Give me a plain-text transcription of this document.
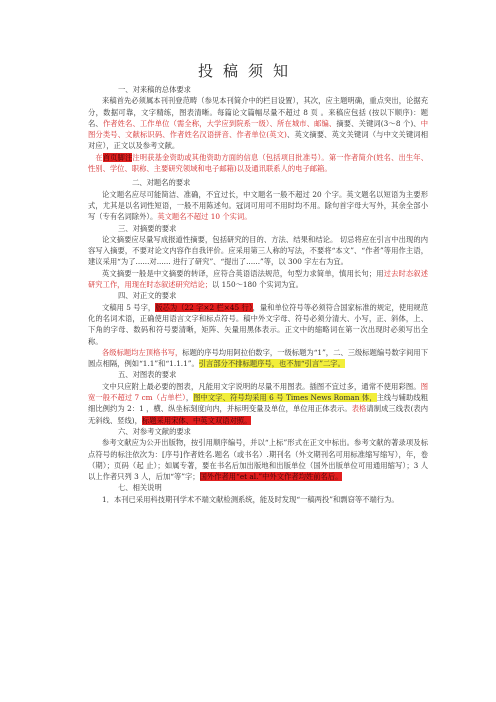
投稿须知
一、对来稿的总体要求

来稿首先必须属本刊刊登范畴（参见本刊简介中的栏目设置），其次，应主题明确，重点突出，论据充分，数据可靠，文字精练，图表清晰。每篇论文篇幅尽量不超过 8 页 。来稿应包括 (按以下顺序)：题名、作者姓名、工作单位（需全称，大学应到院系一级）、所在城市、邮编、摘要、关键词(3～8 个)、中图分类号、文献标识码、作者姓名汉语拼音、作者单位(英文)、英文摘要、英文关键词（与中文关键词相对应），正文以及参考文献。

在首页脚注注明获基金资助或其他资助方面的信息（包括项目批准号）。第一作者简介(姓名、出生年、性别、学位、职称、主要研究领域和电子邮箱)以及通讯联系人的电子邮箱。

二、对题名的要求

论文题名应尽可能简洁、准确，不宜过长，中文题名一般不超过 20 个字。英文题名以短语为主要形式，尤其是以名词性短语，一般不用陈述句。冠词可用可不用时均不用。除句首字母大写外，其余全部小写（专有名词除外）。英文题名不超过 10 个实词。

三、对摘要的要求

论文摘要应尽量写成报道性摘要，包括研究的目的、方法、结果和结论。 切忌将应在引言中出现的内容写入摘要，不要对论文内容作自我评价。应采用第三人称的写法，不要将“本文”、“作者”等用作主语，建议采用“为了......对...... 进行了研究”、“提出了......”等，以 300 字左右为宜。

英文摘要一般是中文摘要的转译，应符合英语语法规范，句型力求简单，慎用长句；用过去时态叙述研究工作，用现在时态叙述研究结论；以 150～180 个实词为宜。

四、对正文的要求

文稿用 5 号字，版芯为（22 字×2 栏×45 行），量和单位符号等必须符合国家标准的规定，使用规范化的名词术语，正确使用语言文字和标点符号。稿中外文字母、符号必须分清大、小写，正、斜体，上、下角的字母、数码和符号要清晰，矩阵、矢量用黑体表示。正文中的缩略词在第一次出现时必须写出全称。

各级标题均左顶格书写，标题的序号均用阿拉伯数字，一级标题为“1”，二、三级标题编号数字间用下圆点相隔，例如“1.1”和“1.1.1”。引言部分不排标题序号，也不加“引言”二字。

五、对图表的要求

文中只应附上最必要的图表，凡能用文字说明的尽量不用图表。插图不宜过多，通常不使用彩图。图宽一般不超过 7 cm（占单栏），图中文字、符号均采用 6 号 Times News Roman 体，主线与辅助线粗细比例约为 2：1 ，横、纵坐标刻度向内，并标明变量及单位，单位用正体表示。表格请制成三线表(表内无斜线、竖线)，标题采用宋体、中英文双语对照。

六、对参考文献的要求

参考文献应为公开出版物，按引用顺序编号，并以“上标”形式在正文中标出。参考文献的著录项及标点符号的标注依次为：[序号]作者姓名.题名（或书名）.期刊名（外文期刊名可用标准缩写缩写），年，卷（期）；页码（起 止）；如属专著，要在书名后加出版地和出版单位（国外出版单位可用通用缩写）；3 人以上作者只列 3 人，后加“等”字；国外作者用“et al.”中外文作者均姓前名后。

七、相关说明

1．本刊已采用科技期刊学术不端文献检测系统，能及时发现“一稿两投”和剽窃等不端行为。
